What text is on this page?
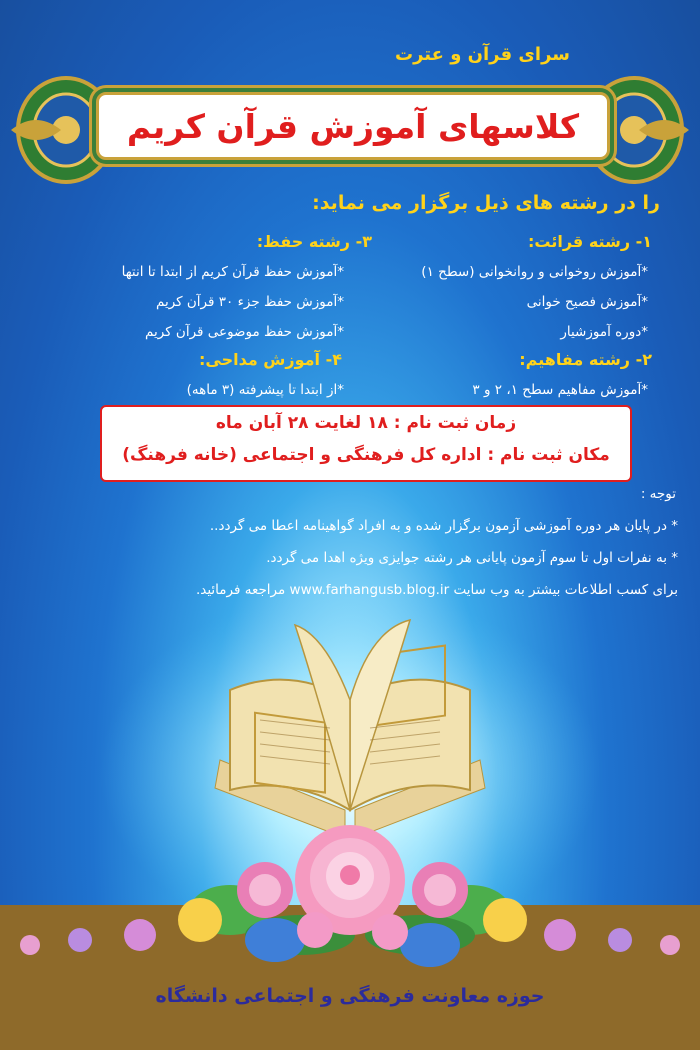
سرای قرآن و عترت
کلاسهای آموزش قرآن کریم
را در رشته های ذیل برگزار می نماید:
۱- رشته قرائت:
*آموزش روخوانی و روانخوانی (سطح ۱)
*آموزش فصیح خوانی
*دوره آموزشیار
۲- رشته مفاهیم:
*آموزش مفاهیم سطح ۱، ۲ و ۳
۳- رشته حفظ:
*آموزش حفظ قرآن کریم از ابتدا تا انتها
*آموزش حفظ جزء ۳۰ قرآن کریم
*آموزش حفظ موضوعی قرآن کریم
۴- آموزش مداحی:
*از ابتدا تا پیشرفته (۳ ماهه)
زمان ثبت نام : ۱۸ لغایت ۲۸ آبان ماه
مکان ثبت نام : اداره کل فرهنگی و اجتماعی (خانه فرهنگ)
توجه :
* در پایان هر دوره آموزشی آزمون برگزار شده و به افراد گواهینامه اعطا می گردد..
* به نفرات اول تا سوم آزمون پایانی هر رشته جوایزی ویژه اهدا می گردد.
برای کسب اطلاعات بیشتر به وب سایت www.farhangusb.blog.ir مراجعه فرمائید.
حوزه معاونت فرهنگی و اجتماعی دانشگاه
